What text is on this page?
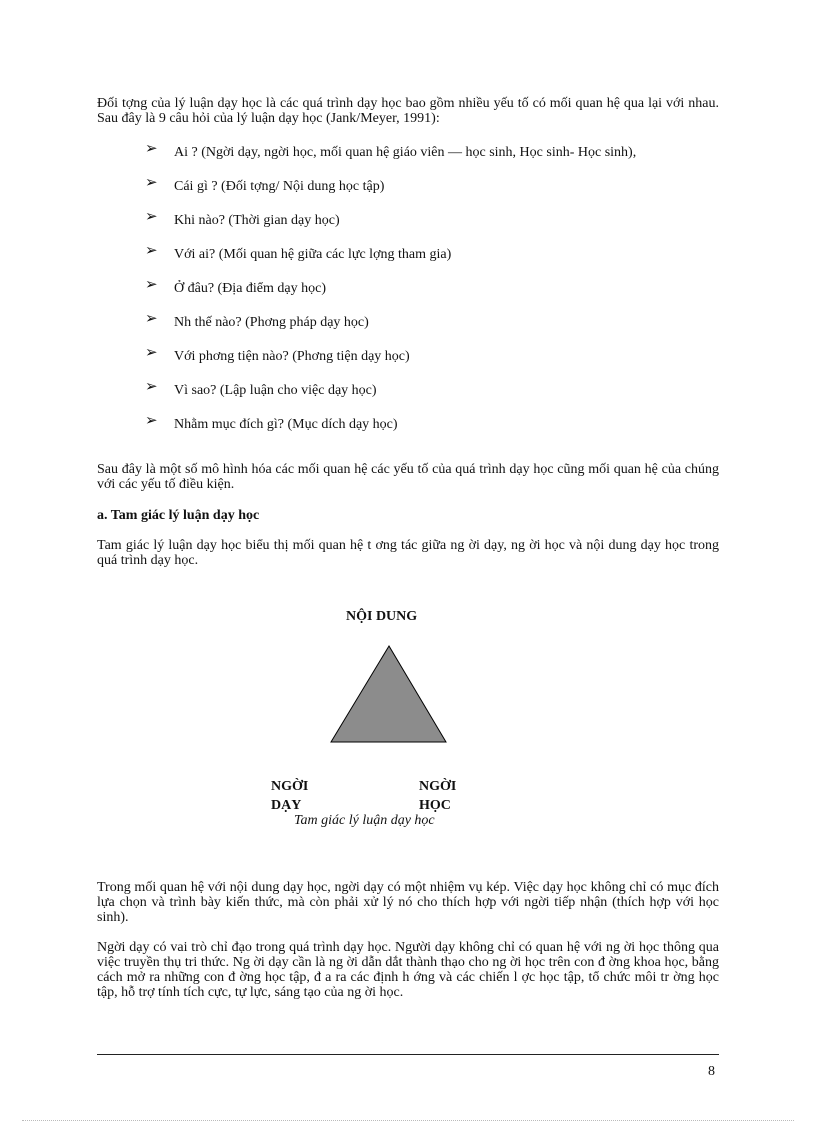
Đối tợng của lý luận dạy học là các quá trình dạy học bao gồm nhiều yếu tố có mối quan hệ qua lại với nhau. Sau đây là 9 câu hỏi của lý luận dạy học (Jank/Meyer, 1991):

➢ Ai ? (Ngời dạy, ngời học, mối quan hệ giáo viên — học sinh, Học sinh- Học sinh),
➢ Cái gì ? (Đối tợng/ Nội dung học tập)
➢ Khi nào? (Thời gian dạy học)
➢ Với ai? (Mối quan hệ giữa các lực lợng tham gia)
➢ Ở đâu? (Địa điểm dạy học)
➢ Nh thế nào? (Phơng pháp dạy học)
➢ Với phơng tiện nào? (Phơng tiện dạy học)
➢ Vì sao? (Lập luận cho việc dạy học)
➢ Nhằm mục đích gì? (Mục dích dạy học)

Sau đây là một số mô hình hóa các mối quan hệ các yếu tố của quá trình dạy học cũng mối quan hệ của chúng với các yếu tố điều kiện.

a. Tam giác lý luận dạy học

Tam giác lý luận dạy học biểu thị mối quan hệ t ơng tác giữa ng ời dạy, ng ời học và nội dung dạy học trong quá trình dạy học.

NỘI DUNG
NGỜI DẠY
NGỜI HỌC
Tam giác lý luận dạy học

Trong mối quan hệ với nội dung dạy học, ngời dạy có một nhiệm vụ kép. Việc dạy học không chỉ có mục đích lựa chọn và trình bày kiến thức, mà còn phải xử lý nó cho thích hợp với ngời tiếp nhận (thích hợp với học sinh).

Ngời dạy có vai trò chỉ đạo trong quá trình dạy học. Người dạy không chỉ có quan hệ với ng ời học thông qua việc truyền thụ tri thức. Ng ời dạy cần là ng ời dẫn dắt thành thạo cho ng ời học trên con đ ờng khoa học, bằng cách mở ra những con đ ờng học tập, đ a ra các định h ớng và các chiến l ợc học tập, tổ chức môi tr ờng học tập, hỗ trợ tính tích cực, tự lực, sáng tạo của ng ời học.

8
